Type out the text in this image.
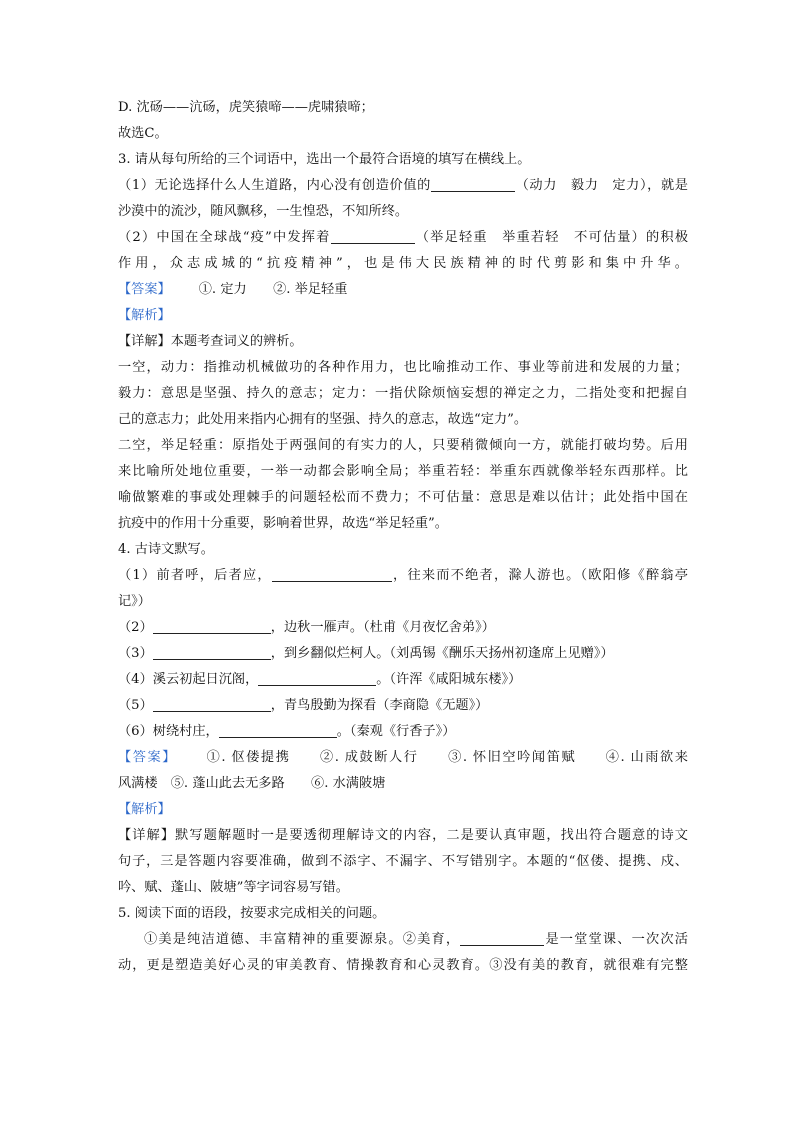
D. 沈砀——沆砀，虎笑猿啼——虎啸猿啼；
故选C。
3. 请从每句所给的三个词语中，选出一个最符合语境的填写在横线上。
（1）无论选择什么人生道路，内心没有创造价值的	（动力　毅力　定力），就是
沙漠中的流沙，随风飘移，一生惶恐，不知所终。
（2）中国在全球战“疫”中发挥着	（举足轻重　举重若轻　不可估量）的积极
作用，众志成城的“抗疫精神”，也是伟大民族精神的时代剪影和集中升华。
【答案】 ①. 定力　　②. 举足轻重
【解析】
【详解】本题考查词义的辨析。
一空，动力：指推动机械做功的各种作用力，也比喻推动工作、事业等前进和发展的力量；
毅力：意思是坚强、持久的意志；定力：一指伏除烦恼妄想的禅定之力，二指处变和把握自
己的意志力；此处用来指内心拥有的坚强、持久的意志，故选“定力”。
二空，举足轻重：原指处于两强间的有实力的人，只要稍微倾向一方，就能打破均势。后用
来比喻所处地位重要，一举一动都会影响全局；举重若轻：举重东西就像举轻东西那样。比
喻做繁难的事或处理棘手的问题轻松而不费力；不可估量：意思是难以估计；此处指中国在
抗疫中的作用十分重要，影响着世界，故选“举足轻重”。
4. 古诗文默写。
（1）前者呼，后者应，	，往来而不绝者，滁人游也。（欧阳修《醉翁亭
记》）
（2）	，边秋一雁声。（杜甫《月夜忆舍弟》）
（3）	，到乡翻似烂柯人。（刘禹锡《酬乐天扬州初逢席上见赠》）
（4）溪云初起日沉阁，	。（许浑《咸阳城东楼》）
（5）	，青鸟殷勤为探看（李商隐《无题》）
（6）树绕村庄，	。（秦观《行香子》）
【答案】 ①. 伛偻提携　　②. 成鼓断人行　　③. 怀旧空吟闻笛赋　　④. 山雨欲来
风满楼　⑤. 蓬山此去无多路　　⑥. 水满陂塘
【解析】
【详解】默写题解题时一是要透彻理解诗文的内容，二是要认真审题，找出符合题意的诗文
句子，三是答题内容要准确，做到不添字、不漏字、不写错别字。本题的“伛偻、提携、戍、
吟、赋、蓬山、陂塘”等字词容易写错。
5. 阅读下面的语段，按要求完成相关的问题。
①美是纯洁道德、丰富精神的重要源泉。②美育，	是一堂堂课、一次次活
动，更是塑造美好心灵的审美教育、情操教育和心灵教育。③没有美的教育，就很难有完整
